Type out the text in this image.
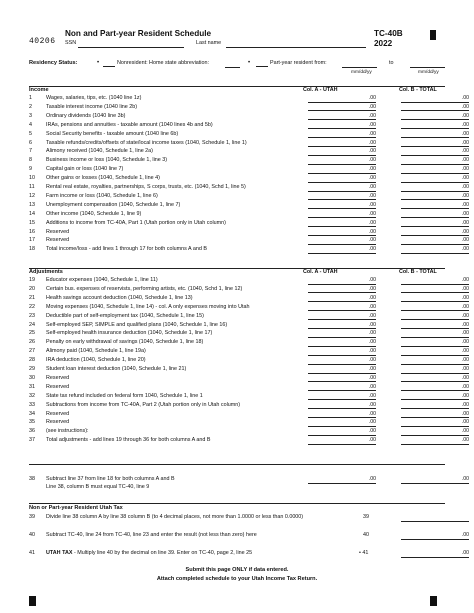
Non and Part-year Resident Schedule	TC-40B
2022
40206 SSN	Last name
Residency Status:	•	Nonresident: Home state abbreviation:	•	Part-year resident from:	to
mm/dd/yy	mm/dd/yy
Income	Col. A - UTAH	Col. B - TOTAL
1	Wages, salaries, tips, etc. (1040 line 1z)	.00	.00
2	Taxable interest income (1040 line 2b)	.00	.00
3	Ordinary dividends (1040 line 3b)	.00	.00
4	IRAs, pensions and annuities - taxable amount (1040 lines 4b and 5b)	.00	.00
5	Social Security benefits - taxable amount (1040 line 6b)	.00	.00
6	Taxable refunds/credits/offsets of state/local income taxes (1040, Schedule 1, line 1)	.00	.00
7	Alimony received (1040, Schedule 1, line 2a)	.00	.00
8	Business income or loss (1040, Schedule 1, line 3)	.00	.00
9	Capital gain or loss (1040 line 7)	.00	.00
10	Other gains or losses (1040, Schedule 1, line 4)	.00	.00
11	Rental real estate, royalties, partnerships, S corps, trusts, etc. (1040, Schd 1, line 5)	.00	.00
12	Farm income or loss (1040, Schedule 1, line 6)	.00	.00
13	Unemployment compensation (1040, Schedule 1, line 7)	.00	.00
14	Other income (1040, Schedule 1, line 9)	.00	.00
15	Additions to income from TC-40A, Part 1 (Utah portion only in Utah column)	.00	.00
16	Reserved	.00	.00
17	Reserved	.00	.00
18	Total income/loss - add lines 1 through 17 for both columns A and B	.00	.00
Adjustments	Col. A - UTAH	Col. B - TOTAL
19	Educator expenses (1040, Schedule 1, line 11)	.00	.00
20	Certain bus. expenses of reservists, performing artists, etc. (1040, Schd 1, line 12)	.00	.00
21	Health savings account deduction (1040, Schedule 1, line 13)	.00	.00
22	Moving expenses (1040, Schedule 1, line 14) - col. A only expenses moving into Utah	.00	.00
23	Deductible part of self-employment tax (1040, Schedule 1, line 15)	.00	.00
24	Self-employed SEP, SIMPLE and qualified plans (1040, Schedule 1, line 16)	.00	.00
25	Self-employed health insurance deduction (1040, Schedule 1, line 17)	.00	.00
26	Penalty on early withdrawal of savings (1040, Schedule 1, line 18)	.00	.00
27	Alimony paid (1040, Schedule 1, line 19a)	.00	.00
28	IRA deduction (1040, Schedule 1, line 20)	.00	.00
29	Student loan interest deduction (1040, Schedule 1, line 21)	.00	.00
30	Reserved	.00	.00
31	Reserved	.00	.00
32	State tax refund included on federal form 1040, Schedule 1, line 1	.00	.00
33	Subtractions from income from TC-40A, Part 2 (Utah portion only in Utah column)	.00	.00
34	Reserved	.00	.00
35	Reserved	.00	.00
36	(see instructions):	.00	.00
37	Total adjustments - add lines 19 through 36 for both columns A and B	.00	.00
38 Subtract line 37 from line 18 for both columns A and B
Line 38, column B must equal TC-40, line 9
.00	.00
Non or Part-year Resident Utah Tax
39 Divide line 38 column A by line 38 column B (to 4 decimal places, not more than 1.0000 or less than 0.0000)	39
40 Subtract TC-40, line 24 from TC-40, line 23 and enter the result (not less than zero) here	40	.00
41 UTAH TAX - Multiply line 40 by the decimal on line 39. Enter on TC-40, page 2, line 25	• 41	.00
Submit this page ONLY if data entered.
Attach completed schedule to your Utah Income Tax Return.
